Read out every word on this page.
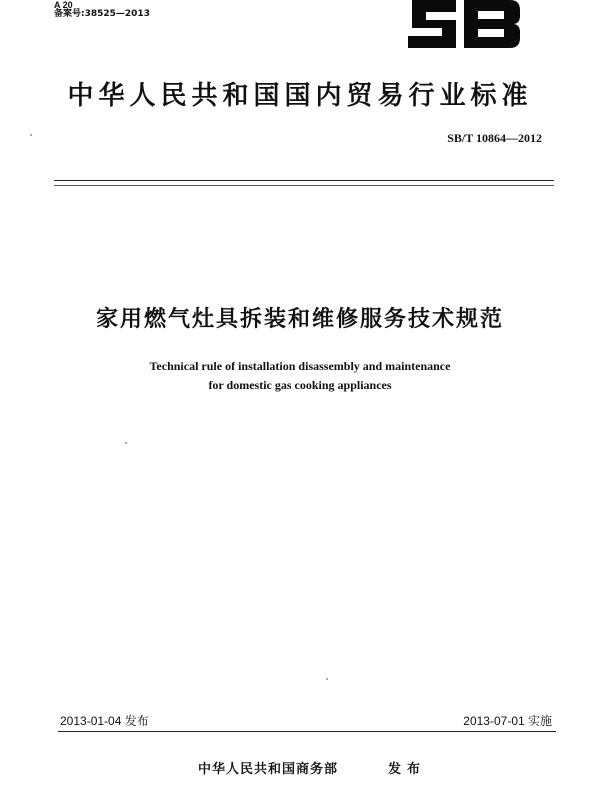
A 20
备案号:38525—2013
中华人民共和国国内贸易行业标准
SB/T 10864—2012
家用燃气灶具拆装和维修服务技术规范
Technical rule of installation disassembly and maintenance
for domestic gas cooking appliances
2013-01-04 发布	2013-07-01 实施
中华人民共和国商务部	发布
